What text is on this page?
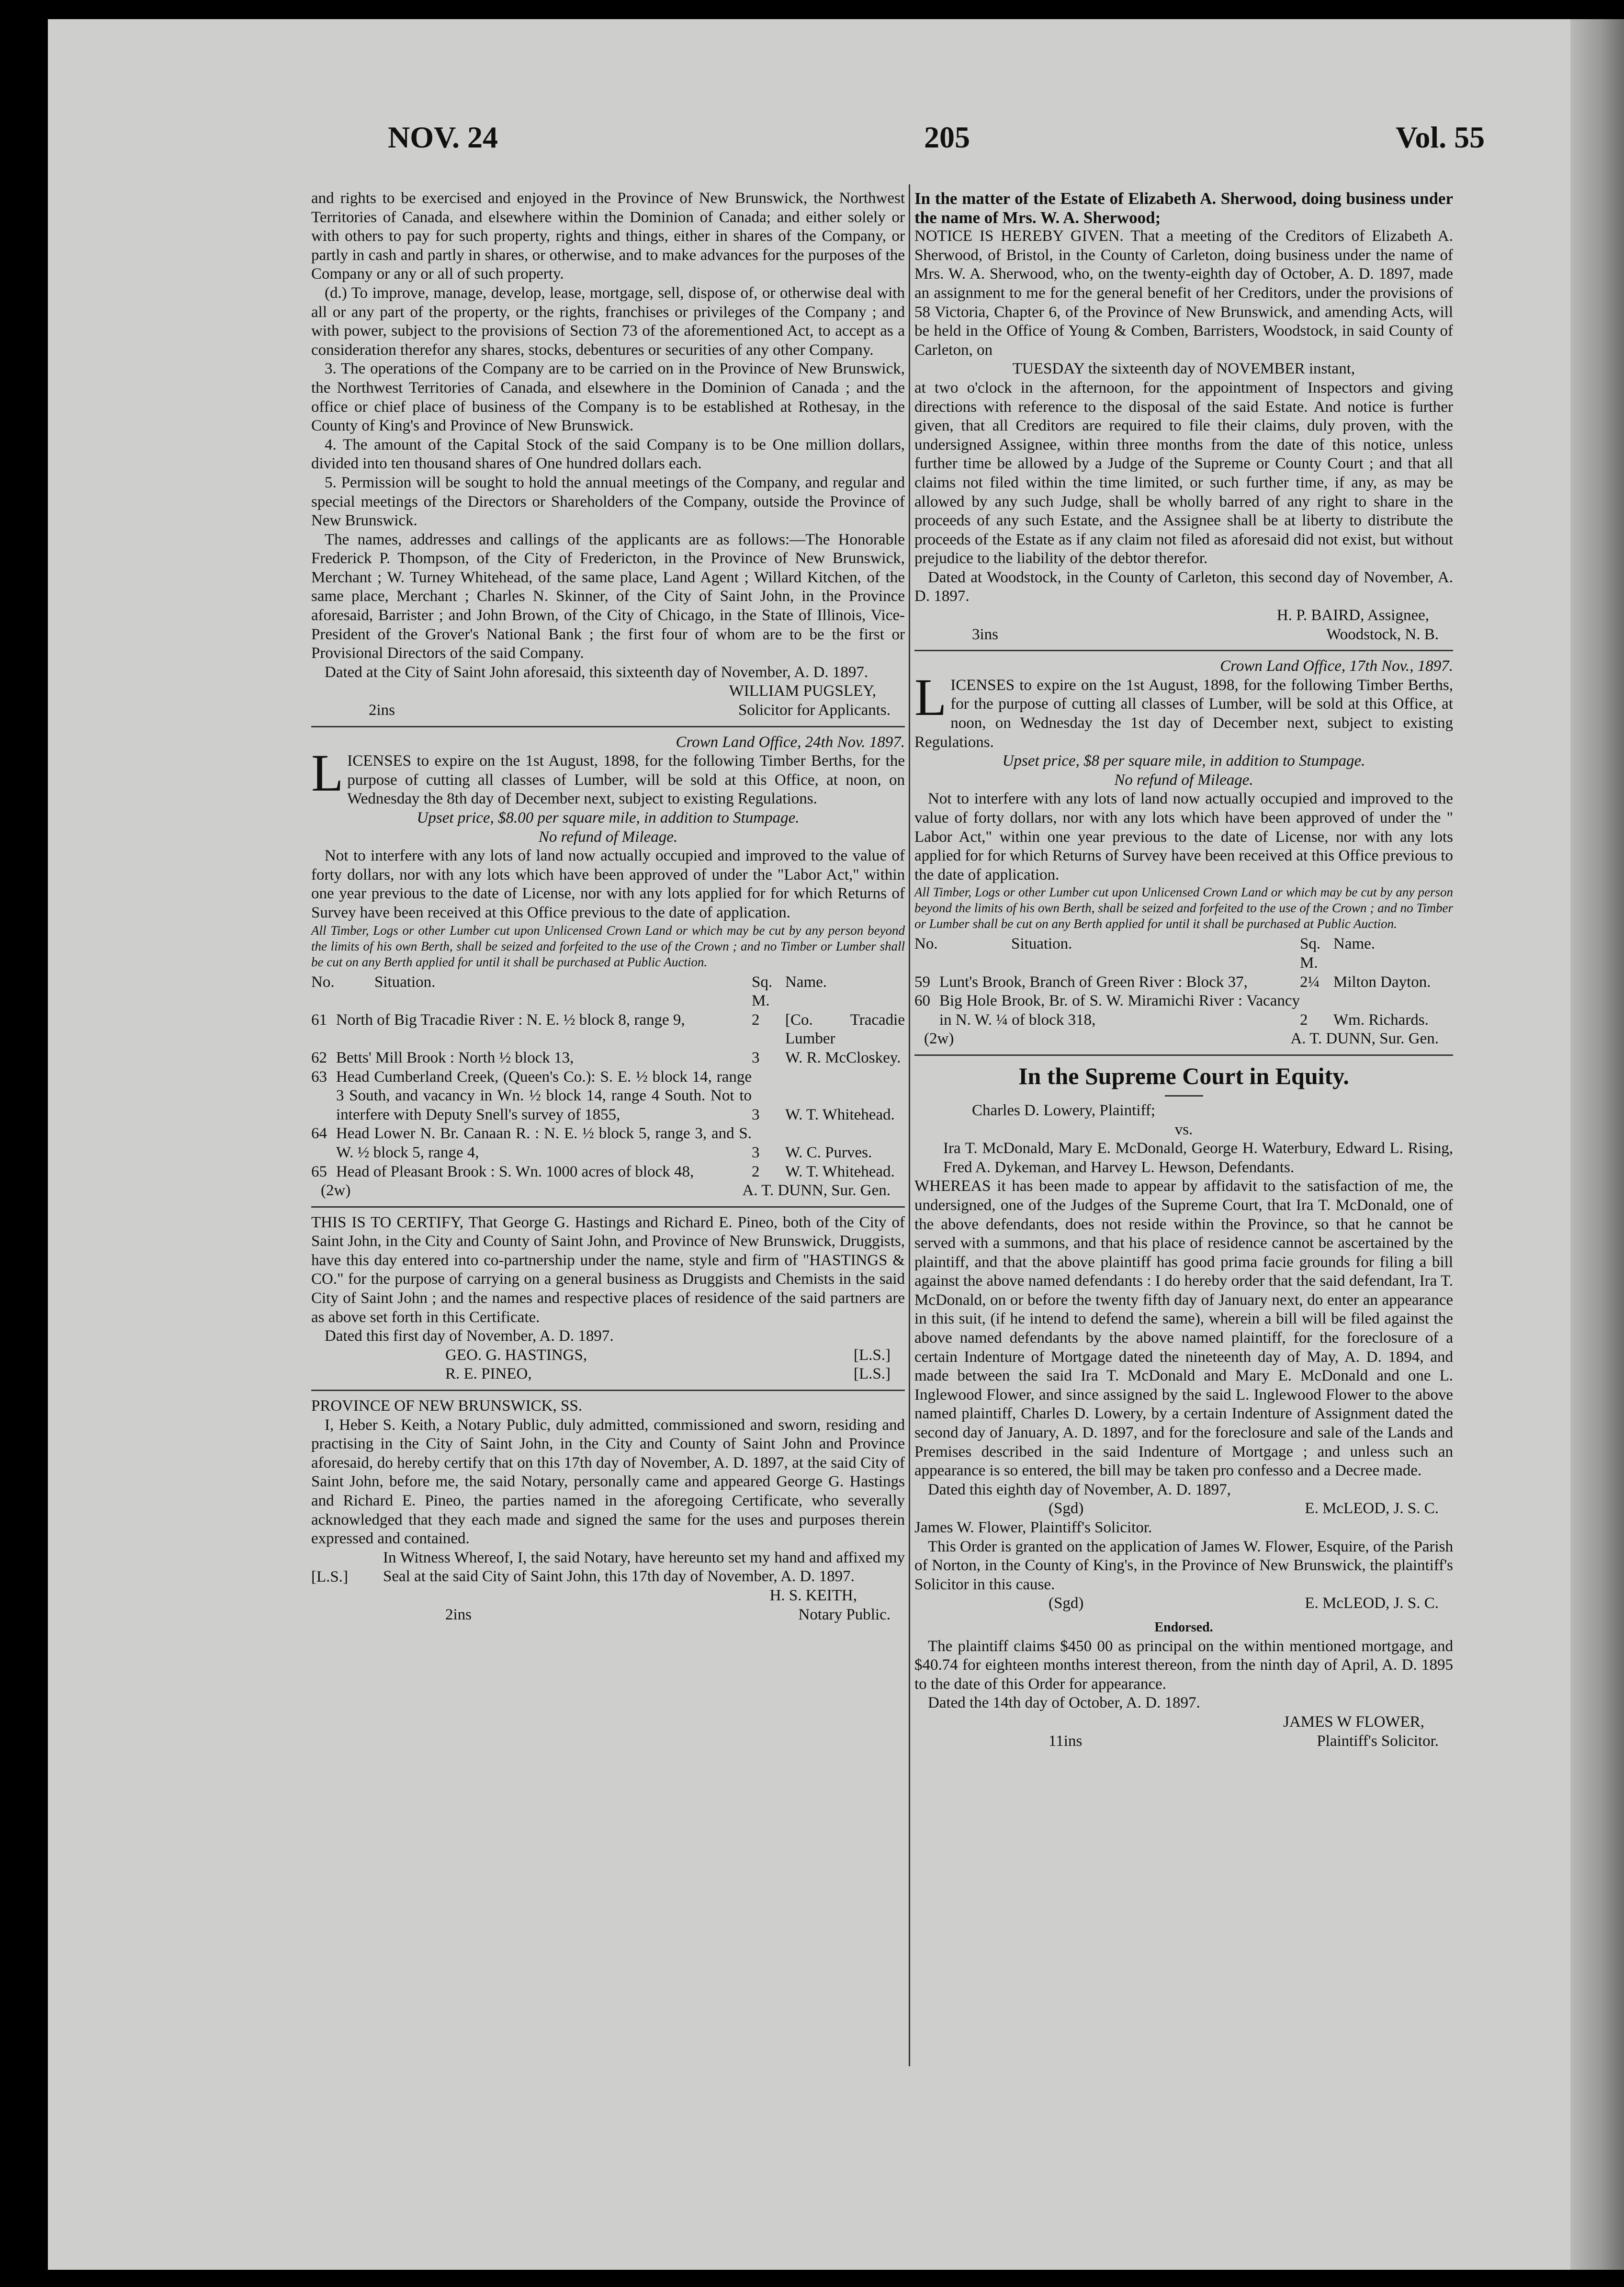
NOV. 24	205	Vol. 55

and rights to be exercised and enjoyed in the Province of New Brunswick, the Northwest Territories of Canada, and elsewhere within the Dominion of Canada; and either solely or with others to pay for such property, rights and things, either in shares of the Company, or partly in cash and partly in shares, or otherwise, and to make advances for the purposes of the Company or any or all of such property.

(d.) To improve, manage, develop, lease, mortgage, sell, dispose of, or otherwise deal with all or any part of the property, or the rights, franchises or privileges of the Company ; and with power, subject to the provisions of Section 73 of the aforementioned Act, to accept as a consideration therefor any shares, stocks, debentures or securities of any other Company.

3. The operations of the Company are to be carried on in the Province of New Brunswick, the Northwest Territories of Canada, and elsewhere in the Dominion of Canada ; and the office or chief place of business of the Company is to be established at Rothesay, in the County of King's and Province of New Brunswick.

4. The amount of the Capital Stock of the said Company is to be One million dollars, divided into ten thousand shares of One hundred dollars each.

5. Permission will be sought to hold the annual meetings of the Company, and regular and special meetings of the Directors or Shareholders of the Company, outside the Province of New Brunswick.

The names, addresses and callings of the applicants are as follows:—The Honorable Frederick P. Thompson, of the City of Fredericton, in the Province of New Brunswick, Merchant ; W. Turney Whitehead, of the same place, Land Agent ; Willard Kitchen, of the same place, Merchant ; Charles N. Skinner, of the City of Saint John, in the Province aforesaid, Barrister ; and John Brown, of the City of Chicago, in the State of Illinois, Vice-President of the Grover's National Bank ; the first four of whom are to be the first or Provisional Directors of the said Company.

Dated at the City of Saint John aforesaid, this sixteenth day of November, A. D. 1897.

WILLIAM PUGSLEY,

2ins	Solicitor for Applicants.

Crown Land Office, 24th Nov. 1897.

LICENSES to expire on the 1st August, 1898, for the following Timber Berths, for the purpose of cutting all classes of Lumber, will be sold at this Office, at noon, on Wednesday the 8th day of December next, subject to existing Regulations.

Upset price, $8.00 per square mile, in addition to Stumpage.

No refund of Mileage.

Not to interfere with any lots of land now actually occupied and improved to the value of forty dollars, nor with any lots which have been approved of under the "Labor Act," within one year previous to the date of License, nor with any lots applied for for which Returns of Survey have been received at this Office previous to the date of application.

All Timber, Logs or other Lumber cut upon Unlicensed Crown Land or which may be cut by any person beyond the limits of his own Berth, shall be seized and forfeited to the use of the Crown ; and no Timber or Lumber shall be cut on any Berth applied for until it shall be purchased at Public Auction.

No.	Situation.	Sq. M.	Name.
61	North of Big Tracadie River : N. E. ½ block 8, range 9,	2	[Co. Tracadie Lumber
62	Betts' Mill Brook : North ½ block 13,	3	W. R. McCloskey.
63	Head Cumberland Creek, (Queen's Co.): S. E. ½ block 14, range 3 South, and vacancy in Wn. ½ block 14, range 4 South. Not to interfere with Deputy Snell's survey of 1855,	3	W. T. Whitehead.
64	Head Lower N. Br. Canaan R. : N. E. ½ block 5, range 3, and S. W. ½ block 5, range 4,	3	W. C. Purves.
65	Head of Pleasant Brook : S. Wn. 1000 acres of block 48,	2	W. T. Whitehead.
(2w)	A. T. DUNN, Sur. Gen.

THIS IS TO CERTIFY, That George G. Hastings and Richard E. Pineo, both of the City of Saint John, in the City and County of Saint John, and Province of New Brunswick, Druggists, have this day entered into co-partnership under the name, style and firm of "HASTINGS & CO." for the purpose of carrying on a general business as Druggists and Chemists in the said City of Saint John ; and the names and respective places of residence of the said partners are as above set forth in this Certificate.

Dated this first day of November, A. D. 1897.

GEO. G. HASTINGS,	[L.S.]
R. E. PINEO,	[L.S.]

PROVINCE OF NEW BRUNSWICK, SS.

I, Heber S. Keith, a Notary Public, duly admitted, commissioned and sworn, residing and practising in the City of Saint John, in the City and County of Saint John and Province aforesaid, do hereby certify that on this 17th day of November, A. D. 1897, at the said City of Saint John, before me, the said Notary, personally came and appeared George G. Hastings and Richard E. Pineo, the parties named in the aforegoing Certificate, who severally acknowledged that they each made and signed the same for the uses and purposes therein expressed and contained.

[L.S.]

In Witness Whereof, I, the said Notary, have hereunto set my hand and affixed my Seal at the said City of Saint John, this 17th day of November, A. D. 1897.

H. S. KEITH,

2ins	Notary Public.

In the matter of the Estate of Elizabeth A. Sherwood, doing business under the name of Mrs. W. A. Sherwood;

NOTICE IS HEREBY GIVEN. That a meeting of the Creditors of Elizabeth A. Sherwood, of Bristol, in the County of Carleton, doing business under the name of Mrs. W. A. Sherwood, who, on the twenty-eighth day of October, A. D. 1897, made an assignment to me for the general benefit of her Creditors, under the provisions of 58 Victoria, Chapter 6, of the Province of New Brunswick, and amending Acts, will be held in the Office of Young & Comben, Barristers, Woodstock, in said County of Carleton, on

TUESDAY the sixteenth day of NOVEMBER instant,

at two o'clock in the afternoon, for the appointment of Inspectors and giving directions with reference to the disposal of the said Estate. And notice is further given, that all Creditors are required to file their claims, duly proven, with the undersigned Assignee, within three months from the date of this notice, unless further time be allowed by a Judge of the Supreme or County Court ; and that all claims not filed within the time limited, or such further time, if any, as may be allowed by any such Judge, shall be wholly barred of any right to share in the proceeds of any such Estate, and the Assignee shall be at liberty to distribute the proceeds of the Estate as if any claim not filed as aforesaid did not exist, but without prejudice to the liability of the debtor therefor.

Dated at Woodstock, in the County of Carleton, this second day of November, A. D. 1897.

H. P. BAIRD, Assignee,

3ins	Woodstock, N. B.

Crown Land Office, 17th Nov., 1897.

LICENSES to expire on the 1st August, 1898, for the following Timber Berths, for the purpose of cutting all classes of Lumber, will be sold at this Office, at noon, on Wednesday the 1st day of December next, subject to existing Regulations.

Upset price, $8 per square mile, in addition to Stumpage.

No refund of Mileage.

Not to interfere with any lots of land now actually occupied and improved to the value of forty dollars, nor with any lots which have been approved of under the " Labor Act," within one year previous to the date of License, nor with any lots applied for for which Returns of Survey have been received at this Office previous to the date of application.

All Timber, Logs or other Lumber cut upon Unlicensed Crown Land or which may be cut by any person beyond the limits of his own Berth, shall be seized and forfeited to the use of the Crown ; and no Timber or Lumber shall be cut on any Berth applied for until it shall be purchased at Public Auction.

No.	Situation.	Sq. M.	Name.
59	Lunt's Brook, Branch of Green River : Block 37,	2¼	Milton Dayton.
60	Big Hole Brook, Br. of S. W. Miramichi River : Vacancy in N. W. ¼ of block 318,	2	Wm. Richards.
(2w)	A. T. DUNN, Sur. Gen.

In the Supreme Court in Equity.

Charles D. Lowery, Plaintiff;

vs.

Ira T. McDonald, Mary E. McDonald, George H. Waterbury, Edward L. Rising, Fred A. Dykeman, and Harvey L. Hewson, Defendants.

WHEREAS it has been made to appear by affidavit to the satisfaction of me, the undersigned, one of the Judges of the Supreme Court, that Ira T. McDonald, one of the above defendants, does not reside within the Province, so that he cannot be served with a summons, and that his place of residence cannot be ascertained by the plaintiff, and that the above plaintiff has good prima facie grounds for filing a bill against the above named defendants : I do hereby order that the said defendant, Ira T. McDonald, on or before the twenty fifth day of January next, do enter an appearance in this suit, (if he intend to defend the same), wherein a bill will be filed against the above named defendants by the above named plaintiff, for the foreclosure of a certain Indenture of Mortgage dated the nineteenth day of May, A. D. 1894, and made between the said Ira T. McDonald and Mary E. McDonald and one L. Inglewood Flower, and since assigned by the said L. Inglewood Flower to the above named plaintiff, Charles D. Lowery, by a certain Indenture of Assignment dated the second day of January, A. D. 1897, and for the foreclosure and sale of the Lands and Premises described in the said Indenture of Mortgage ; and unless such an appearance is so entered, the bill may be taken pro confesso and a Decree made.

Dated this eighth day of November, A. D. 1897,

(Sgd)	E. McLEOD, J. S. C.

James W. Flower, Plaintiff's Solicitor.

This Order is granted on the application of James W. Flower, Esquire, of the Parish of Norton, in the County of King's, in the Province of New Brunswick, the plaintiff's Solicitor in this cause.

(Sgd)	E. McLEOD, J. S. C.

Endorsed.

The plaintiff claims $450 00 as principal on the within mentioned mortgage, and $40.74 for eighteen months interest thereon, from the ninth day of April, A. D. 1895 to the date of this Order for appearance.

Dated the 14th day of October, A. D. 1897.

JAMES W FLOWER,

11ins	Plaintiff's Solicitor.
